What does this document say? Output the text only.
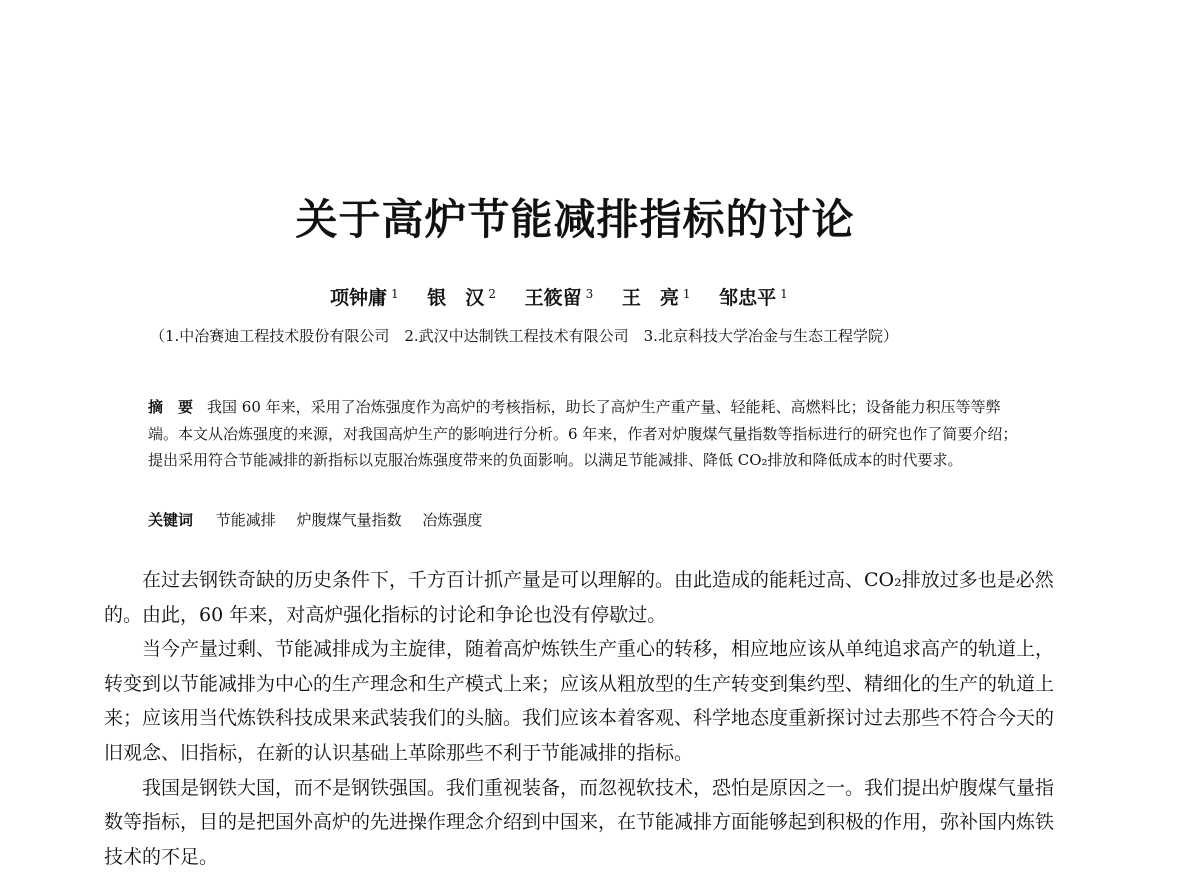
关于高炉节能减排指标的讨论
项钟庸 $^1$ 银　汉 $^2$ 王筱留 $^3$ 王　亮 $^1$ 邹忠平 $^1$
（1.中冶赛迪工程技术股份有限公司　2.武汉中达制铁工程技术有限公司　3.北京科技大学冶金与生态工程学院）
摘　要 我国 60 年来，采用了冶炼强度作为高炉的考核指标，助长了高炉生产重产量、轻能耗、高燃料比；设备能力积压等等弊端。本文从冶炼强度的来源，对我国高炉生产的影响进行分析。6 年来，作者对炉腹煤气量指数等指标进行的研究也作了简要介绍；提出采用符合节能减排的新指标以克服冶炼强度带来的负面影响。以满足节能减排、降低 CO₂排放和降低成本的时代要求。
关键词 节能减排 炉腹煤气量指数 冶炼强度

在过去钢铁奇缺的历史条件下，千方百计抓产量是可以理解的。由此造成的能耗过高、CO₂排放过多也是必然的。由此，60 年来，对高炉强化指标的讨论和争论也没有停歇过。

当今产量过剩、节能减排成为主旋律，随着高炉炼铁生产重心的转移，相应地应该从单纯追求高产的轨道上，转变到以节能减排为中心的生产理念和生产模式上来；应该从粗放型的生产转变到集约型、精细化的生产的轨道上来；应该用当代炼铁科技成果来武装我们的头脑。我们应该本着客观、科学地态度重新探讨过去那些不符合今天的旧观念、旧指标，在新的认识基础上革除那些不利于节能减排的指标。

我国是钢铁大国，而不是钢铁强国。我们重视装备，而忽视软技术，恐怕是原因之一。我们提出炉腹煤气量指数等指标，目的是把国外高炉的先进操作理念介绍到中国来，在节能减排方面能够起到积极的作用，弥补国内炼铁技术的不足。
